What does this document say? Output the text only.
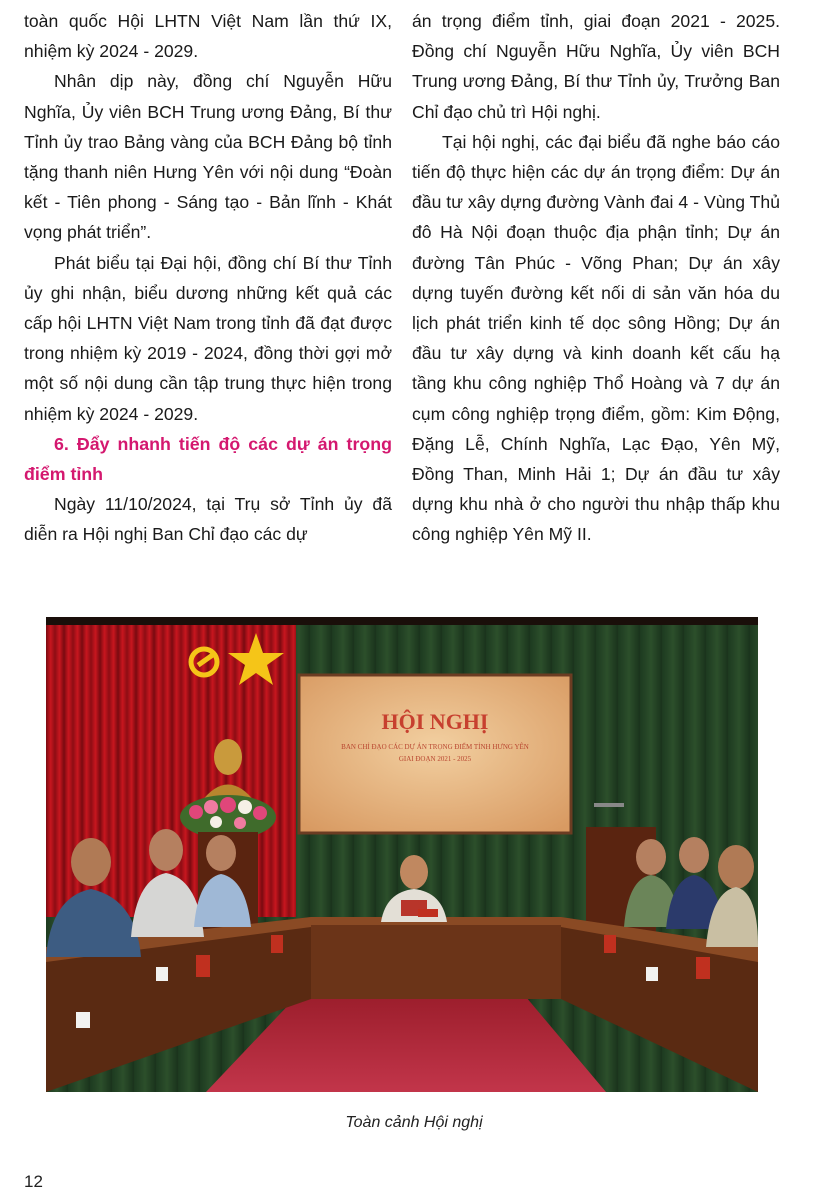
toàn quốc Hội LHTN Việt Nam lần thứ IX, nhiệm kỳ 2024 - 2029.

Nhân dịp này, đồng chí Nguyễn Hữu Nghĩa, Ủy viên BCH Trung ương Đảng, Bí thư Tỉnh ủy trao Bảng vàng của BCH Đảng bộ tỉnh tặng thanh niên Hưng Yên với nội dung “Đoàn kết - Tiên phong - Sáng tạo - Bản lĩnh - Khát vọng phát triển”.

Phát biểu tại Đại hội, đồng chí Bí thư Tỉnh ủy ghi nhận, biểu dương những kết quả các cấp hội LHTN Việt Nam trong tỉnh đã đạt được trong nhiệm kỳ 2019 - 2024, đồng thời gợi mở một số nội dung cần tập trung thực hiện trong nhiệm kỳ 2024 - 2029.

6. Đẩy nhanh tiến độ các dự án trọng điểm tỉnh

Ngày 11/10/2024, tại Trụ sở Tỉnh ủy đã diễn ra Hội nghị Ban Chỉ đạo các dự

án trọng điểm tỉnh, giai đoạn 2021 - 2025. Đồng chí Nguyễn Hữu Nghĩa, Ủy viên BCH Trung ương Đảng, Bí thư Tỉnh ủy, Trưởng Ban Chỉ đạo chủ trì Hội nghị.

Tại hội nghị, các đại biểu đã nghe báo cáo tiến độ thực hiện các dự án trọng điểm: Dự án đầu tư xây dựng đường Vành đai 4 - Vùng Thủ đô Hà Nội đoạn thuộc địa phận tỉnh; Dự án đường Tân Phúc - Võng Phan; Dự án xây dựng tuyến đường kết nối di sản văn hóa du lịch phát triển kinh tế dọc sông Hồng; Dự án đầu tư xây dựng và kinh doanh kết cấu hạ tầng khu công nghiệp Thổ Hoàng và 7 dự án cụm công nghiệp trọng điểm, gồm: Kim Động, Đặng Lễ, Chính Nghĩa, Lạc Đạo, Yên Mỹ, Đồng Than, Minh Hải 1; Dự án đầu tư xây dựng khu nhà ở cho người thu nhập thấp khu công nghiệp Yên Mỹ II.

HỘI NGHỊ
BAN CHỈ ĐẠO CÁC DỰ ÁN TRỌNG ĐIỂM TỈNH HƯNG YÊN
GIAI ĐOẠN 2021 - 2025
Toàn cảnh Hội nghị
12
